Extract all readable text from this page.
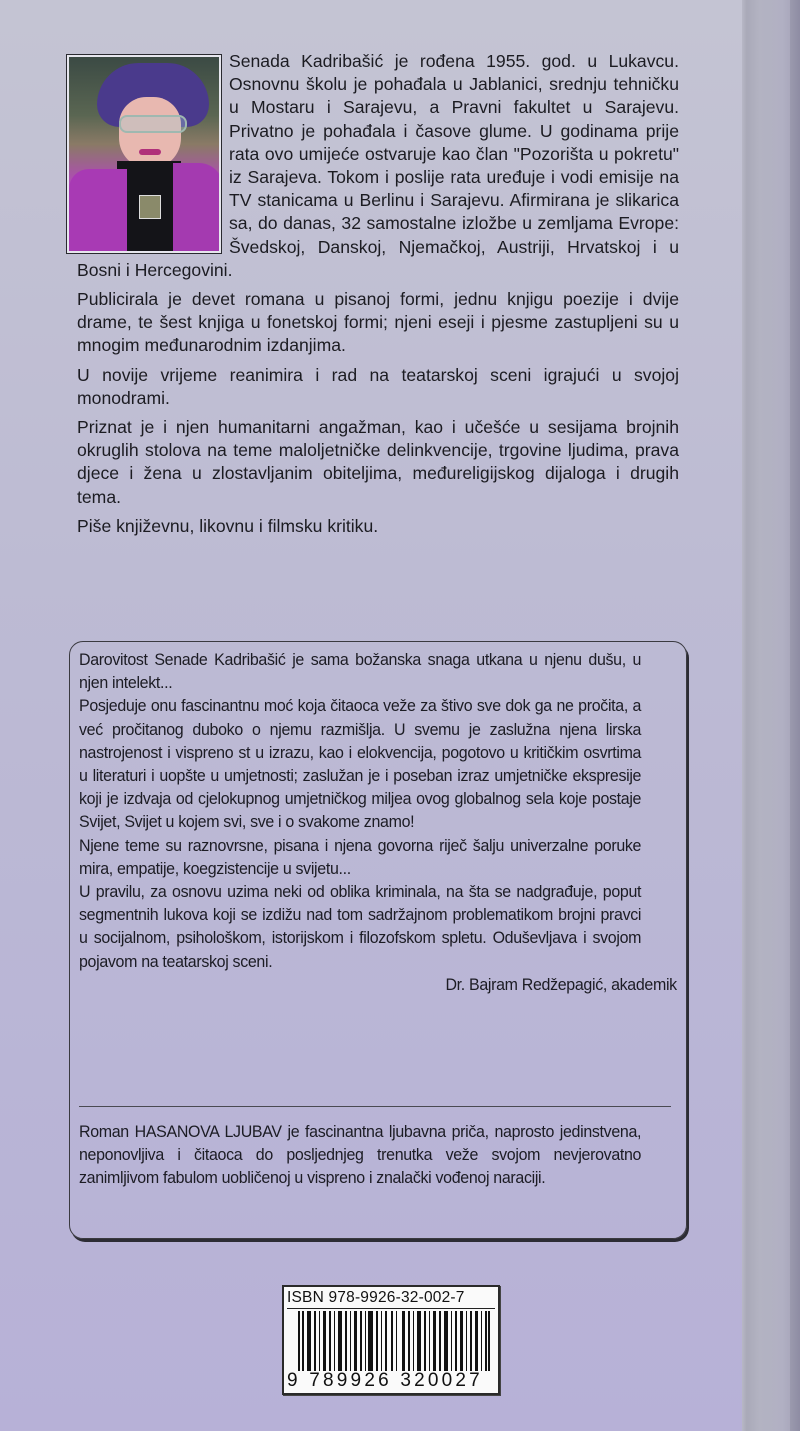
Senada Kadribašić je rođena 1955. god. u Lukavcu. Osnovnu školu je pohađala u Jablanici, srednju tehničku u Mostaru i Sarajevu, a Pravni fakultet u Sarajevu. Privatno je pohađala i časove glume. U godinama prije rata ovo umijeće ostvaruje kao član "Pozorišta u pokretu" iz Sarajeva. Tokom i poslije rata uređuje i vodi emisije na TV stanicama u Berlinu i Sarajevu. Afirmirana je slikarica sa, do danas, 32 samostalne izložbe u zemljama Evrope: Švedskoj, Danskoj, Njemačkoj, Austriji, Hrvatskoj i u Bosni i Hercegovini.

Publicirala je devet romana u pisanoj formi, jednu knjigu poezije i dvije drame, te šest knjiga u fonetskoj formi; njeni eseji i pjesme zastupljeni su u mnogim međunarodnim izdanjima.

U novije vrijeme reanimira i rad na teatarskoj sceni igrajući u svojoj monodrami.

Priznat je i njen humanitarni angažman, kao i učešće u sesijama brojnih okruglih stolova na teme maloljetničke delinkvencije, trgovine ljudima, prava djece i žena u zlostavljanim obiteljima, međureligijskog dijaloga i drugih tema.

Piše književnu, likovnu i filmsku kritiku.

Darovitost Senade Kadribašić je sama božanska snaga utkana u njenu dušu, u njen intelekt...

Posjeduje onu fascinantnu moć koja čitaoca veže za štivo sve dok ga ne pročita, a već pročitanog duboko o njemu razmišlja. U svemu je zaslužna njena lirska nastrojenost i vispreno st u izrazu, kao i elokvencija, pogotovo u kritičkim osvrtima u literaturi i uopšte u umjetnosti; zaslužan je i poseban izraz umjetničke ekspresije koji je izdvaja od cjelokupnog umjetničkog miljea ovog globalnog sela koje postaje Svijet, Svijet u kojem svi, sve i o svakome znamo!

Njene teme su raznovrsne, pisana i njena govorna riječ šalju univerzalne poruke mira, empatije, koegzistencije u svijetu...

U pravilu, za osnovu uzima neki od oblika kriminala, na šta se nadgrađuje, poput segmentnih lukova koji se izdižu nad tom sadržajnom problematikom brojni pravci u socijalnom, psihološkom, istorijskom i filozofskom spletu. Oduševljava i svojom pojavom na teatarskoj sceni.

Dr. Bajram Redžepagić, akademik

Roman HASANOVA LJUBAV je fascinantna ljubavna priča, naprosto jedinstvena, neponovljiva i čitaoca do posljednjeg trenutka veže svojom nevjerovatno zanimljivom fabulom uobličenoj u vispreno i znalački vođenoj naraciji.

ISBN 978-9926-32-002-7
9 789926 320027
